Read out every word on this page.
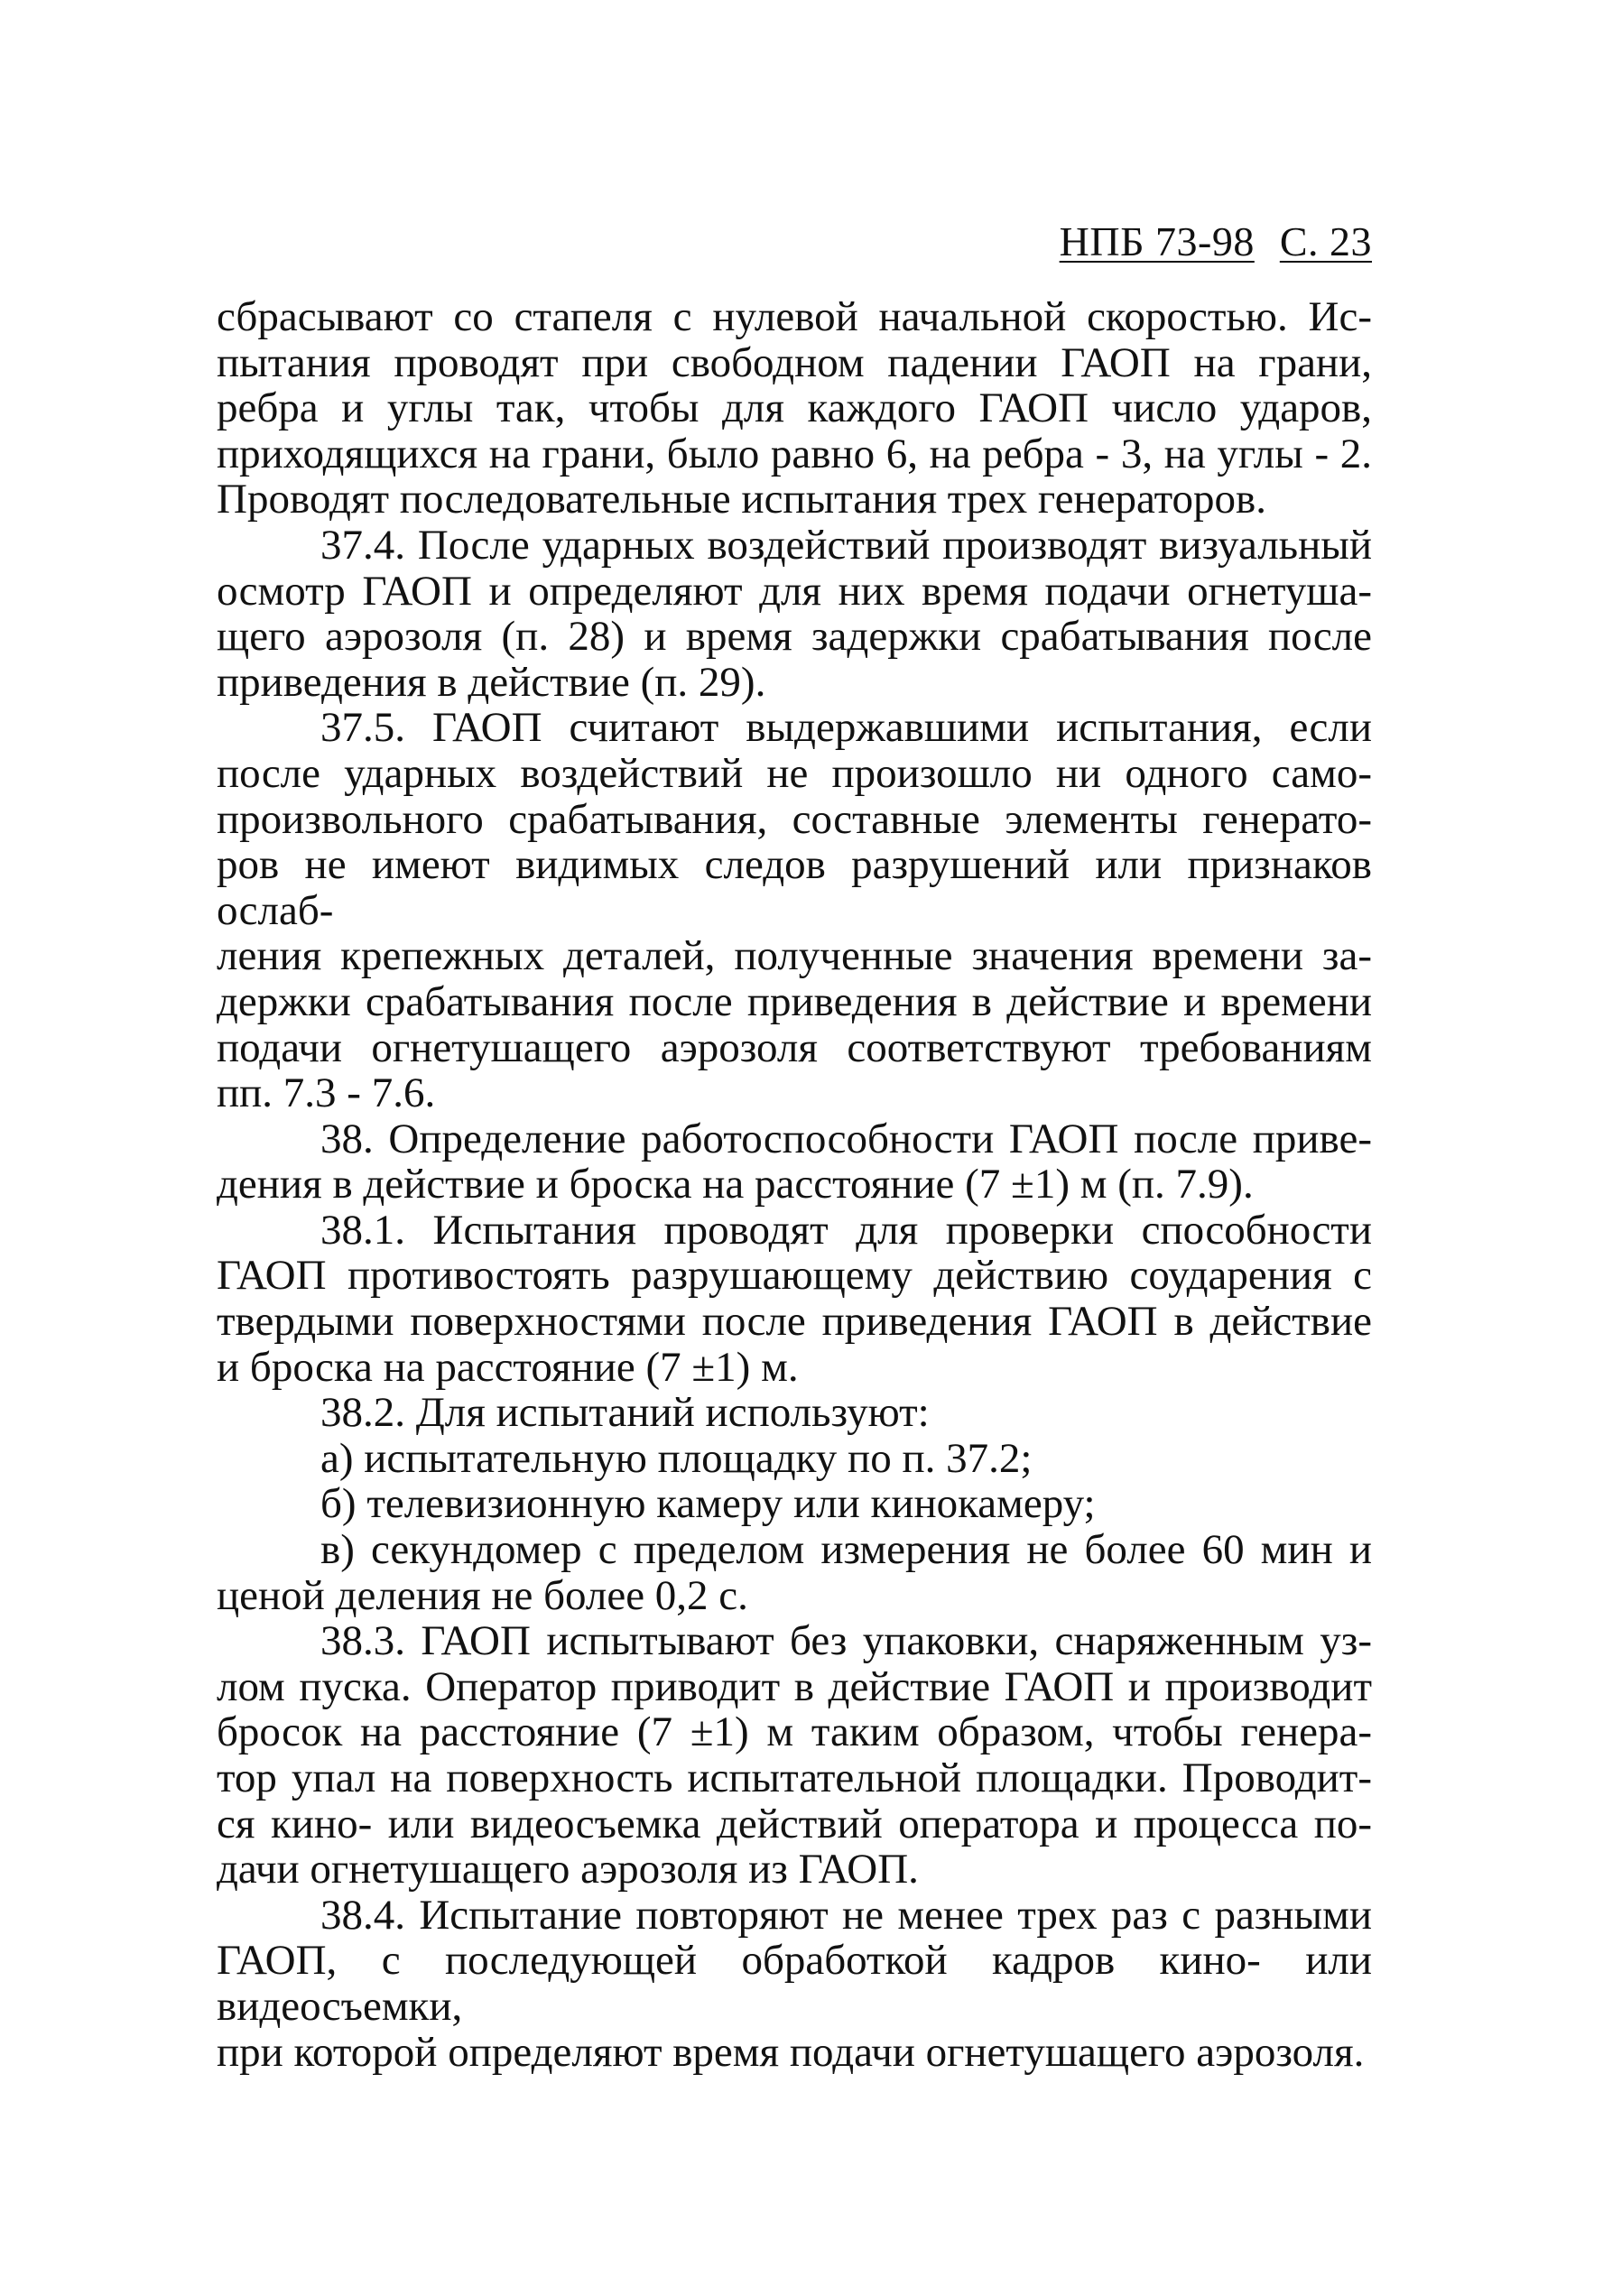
НПБ 73-98 С. 23
сбрасывают со стапеля с нулевой начальной скоростью. Ис-
пытания проводят при свободном падении ГАОП на грани,
ребра и углы так, чтобы для каждого ГАОП число ударов,
приходящихся на грани, было равно 6, на ребра - 3, на углы - 2.
Проводят последовательные испытания трех генераторов.
37.4. После ударных воздействий производят визуальный
осмотр ГАОП и определяют для них время подачи огнетуша-
щего аэрозоля (п. 28) и время задержки срабатывания после
приведения в действие (п. 29).
37.5. ГАОП считают выдержавшими испытания, если
после ударных воздействий не произошло ни одного само-
произвольного срабатывания, составные элементы генерато-
ров не имеют видимых следов разрушений или признаков ослаб-
ления крепежных деталей, полученные значения времени за-
держки срабатывания после приведения в действие и времени
подачи огнетушащего аэрозоля соответствуют требованиям
пп. 7.3 - 7.6.
38. Определение работоспособности ГАОП после приве-
дения в действие и броска на расстояние (7 ±1) м (п. 7.9).
38.1. Испытания проводят для проверки способности
ГАОП противостоять разрушающему действию соударения с
твердыми поверхностями после приведения ГАОП в действие
и броска на расстояние (7 ±1) м.
38.2. Для испытаний используют:
а) испытательную площадку по п. 37.2;
б) телевизионную камеру или кинокамеру;
в) секундомер с пределом измерения не более 60 мин и
ценой деления не более 0,2 с.
38.3. ГАОП испытывают без упаковки, снаряженным уз-
лом пуска. Оператор приводит в действие ГАОП и производит
бросок на расстояние (7 ±1) м таким образом, чтобы генера-
тор упал на поверхность испытательной площадки. Проводит-
ся кино- или видеосъемка действий оператора и процесса по-
дачи огнетушащего аэрозоля из ГАОП.
38.4. Испытание повторяют не менее трех раз с разными
ГАОП, с последующей обработкой кадров кино- или видеосъемки,
при которой определяют время подачи огнетушащего аэрозоля.
